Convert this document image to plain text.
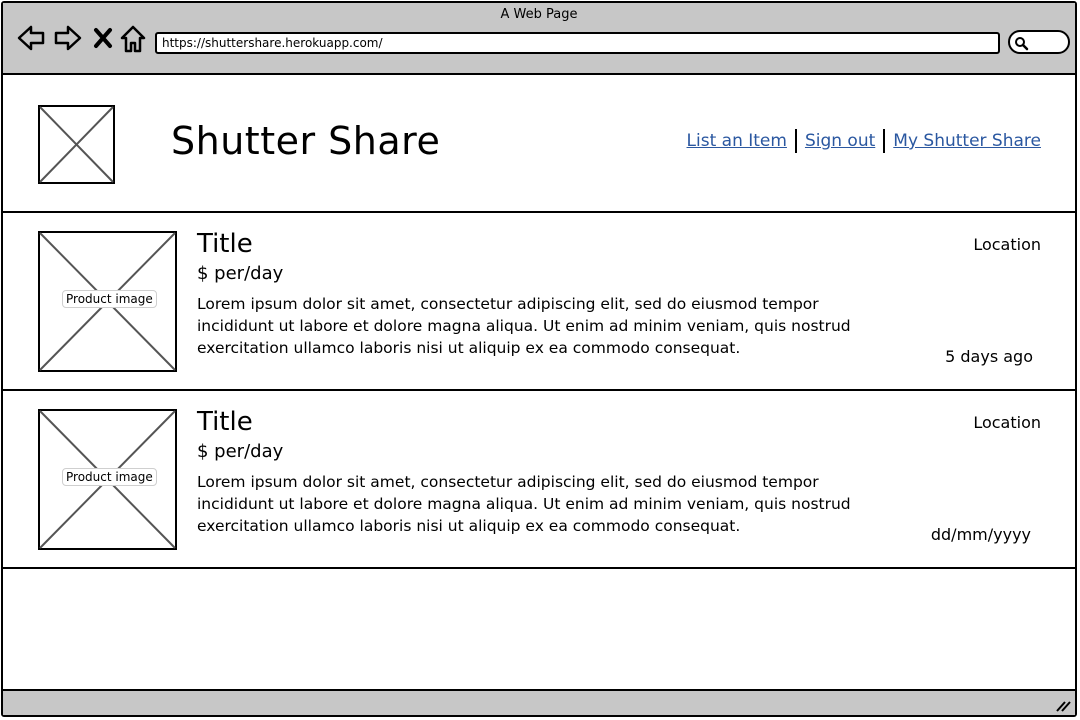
A Web Page
https://shuttershare.herokuapp.com/
Shutter Share	List an Item Sign out My Shutter Share
Product image
Title
$ per/day
Lorem ipsum dolor sit amet, consectetur adipiscing elit, sed do eiusmod tempor incididunt ut labore et dolore magna aliqua. Ut enim ad minim veniam, quis nostrud exercitation ullamco laboris nisi ut aliquip ex ea commodo consequat.
Location
5 days ago
Product image
Title
$ per/day
Lorem ipsum dolor sit amet, consectetur adipiscing elit, sed do eiusmod tempor incididunt ut labore et dolore magna aliqua. Ut enim ad minim veniam, quis nostrud exercitation ullamco laboris nisi ut aliquip ex ea commodo consequat.
Location
dd/mm/yyyy
